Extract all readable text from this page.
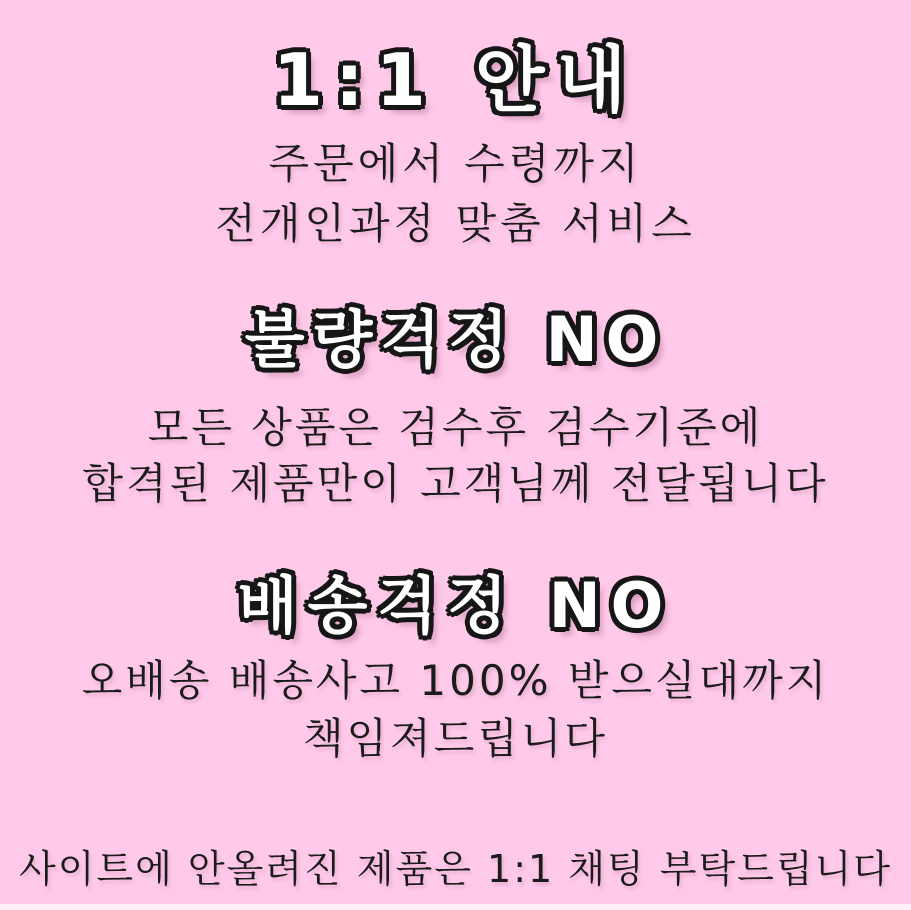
1:1 안내
주문에서 수령까지
전개인과정 맞춤 서비스
불량걱정 NO
모든 상품은 검수후 검수기준에
합격된 제품만이 고객님께 전달됩니다
배송걱정 NO
오배송 배송사고 100% 받으실대까지
책임져드립니다
사이트에 안올려진 제품은 1:1 채팅 부탁드립니다
